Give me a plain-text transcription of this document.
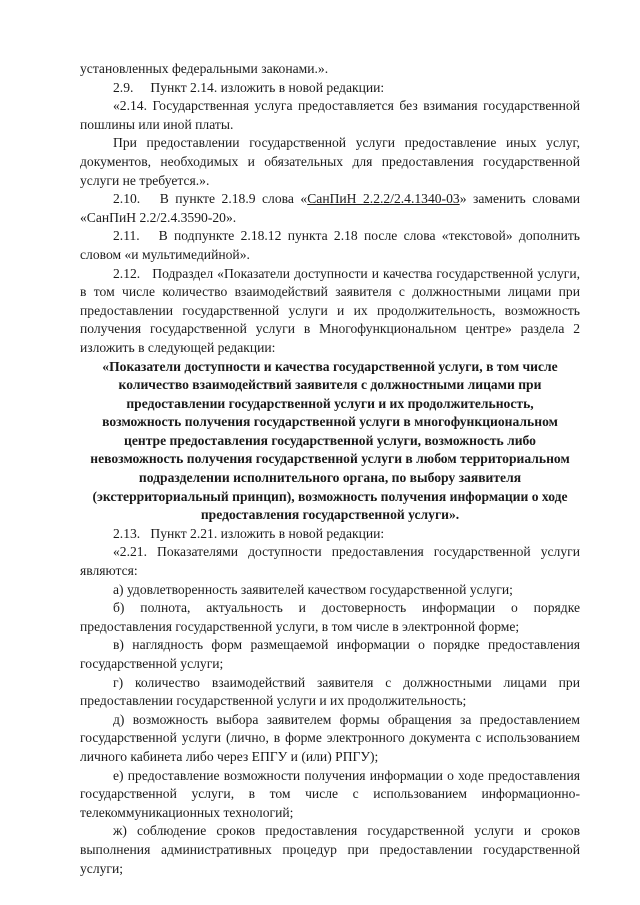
установленных федеральными законами.».

2.9.     Пункт 2.14. изложить в новой редакции:

«2.14. Государственная услуга предоставляется без взимания государственной пошлины или иной платы.

При предоставлении государственной услуги предоставление иных услуг, документов, необходимых и обязательных для предоставления государственной услуги не требуется.».

2.10.   В пункте 2.18.9 слова «СанПиН 2.2.2/2.4.1340-03» заменить словами «СанПиН 2.2/2.4.3590-20».

2.11.   В подпункте 2.18.12 пункта 2.18 после слова «текстовой» дополнить словом «и мультимедийной».

2.12.   Подраздел «Показатели доступности и качества государственной услуги, в том числе количество взаимодействий заявителя с должностными лицами при предоставлении государственной услуги и их продолжительность, возможность получения государственной услуги в Многофункциональном центре» раздела 2 изложить в следующей редакции:

«Показатели доступности и качества государственной услуги, в том числе количество взаимодействий заявителя с должностными лицами при предоставлении государственной услуги и их продолжительность, возможность получения государственной услуги в многофункциональном центре предоставления государственной услуги, возможность либо невозможность получения государственной услуги в любом территориальном подразделении исполнительного органа, по выбору заявителя (экстерриториальный принцип), возможность получения информации о ходе предоставления государственной услуги».

2.13.   Пункт 2.21. изложить в новой редакции:

«2.21. Показателями доступности предоставления государственной услуги являются:

а) удовлетворенность заявителей качеством государственной услуги;

б) полнота, актуальность и достоверность информации о порядке предоставления государственной услуги, в том числе в электронной форме;

в) наглядность форм размещаемой информации о порядке предоставления государственной услуги;

г) количество взаимодействий заявителя с должностными лицами при предоставлении государственной услуги и их продолжительность;

д) возможность выбора заявителем формы обращения за предоставлением государственной услуги (лично, в форме электронного документа с использованием личного кабинета либо через ЕПГУ и (или) РПГУ);

е) предоставление возможности получения информации о ходе предоставления государственной услуги, в том числе с использованием информационно-телекоммуникационных технологий;

ж) соблюдение сроков предоставления государственной услуги и сроков выполнения административных процедур при предоставлении государственной услуги;
